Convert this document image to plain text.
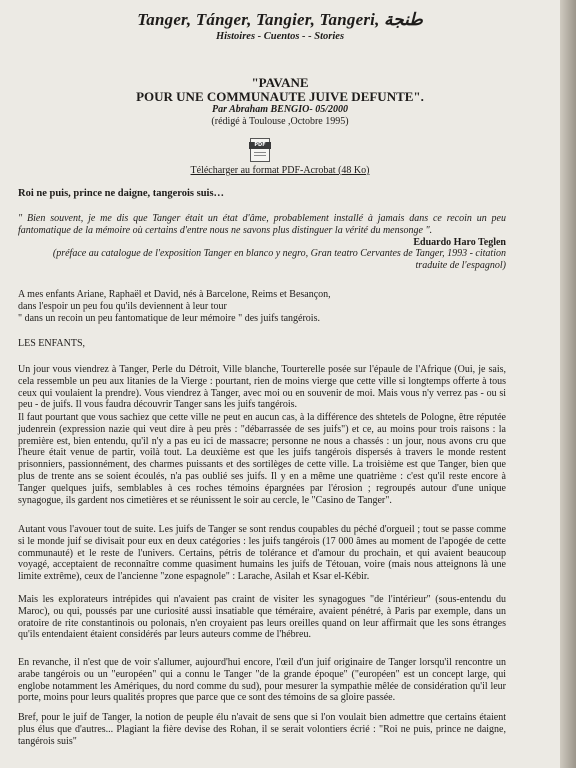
Tanger, Tánger, Tangier, Tangeri, طنجة
Histoires - Cuentos - - Stories
"PAVANE
POUR UNE COMMUNAUTE JUIVE DEFUNTE".
Par Abraham BENGIO- 05/2000
(rédigé à Toulouse ,Octobre 1995)
PDF
Télécharger au format PDF-Acrobat (48 Ko)
Roi ne puis, prince ne daigne, tangerois suis…
" Bien souvent, je me dis que Tanger était un état d'âme, probablement installé à jamais dans ce recoin un peu fantomatique de la mémoire où certains d'entre nous ne savons plus distinguer la vérité du mensonge ".
Eduardo Haro Teglen
(préface au catalogue de l'exposition Tanger en blanco y negro, Gran teatro Cervantes de Tanger, 1993 - citation
traduite de l'espagnol)
A mes enfants Ariane, Raphaël et David, nés à Barcelone, Reims et Besançon,
dans l'espoir un peu fou qu'ils deviennent à leur tour
" dans un recoin un peu fantomatique de leur mémoire " des juifs tangérois.
LES ENFANTS,
Un jour vous viendrez à Tanger, Perle du Détroit, Ville blanche, Tourterelle posée sur l'épaule de l'Afrique (Oui, je sais, cela ressemble un peu aux litanies de la Vierge : pourtant, rien de moins vierge que cette ville si longtemps offerte à tous ceux qui voulaient la prendre). Vous viendrez à Tanger, avec moi ou en souvenir de moi. Mais vous n'y verrez pas - ou si peu - de juifs. Il vous faudra découvrir Tanger sans les juifs tangérois.
Il faut pourtant que vous sachiez que cette ville ne peut en aucun cas, à la différence des shtetels de Pologne, être réputée judenrein (expression nazie qui veut dire à peu près : "débarrassée de ses juifs") et ce, au moins pour trois raisons : la première est, bien entendu, qu'il n'y a pas eu ici de massacre; personne ne nous a chassés : un jour, nous avons cru que l'heure était venue de partir, voilà tout. La deuxième est que les juifs tangérois dispersés à travers le monde restent prisonniers, passionnément, des charmes puissants et des sortilèges de cette ville. La troisième est que Tanger, bien que plus de trente ans se soient écoulés, n'a pas oublié ses juifs. Il y en a même une quatrième : c'est qu'il reste encore à Tanger quelques juifs, semblables à ces roches témoins épargnées par l'érosion ; regroupés autour d'une unique synagogue, ils gardent nos cimetières et se réunissent le soir au cercle, le "Casino de Tanger".
Autant vous l'avouer tout de suite. Les juifs de Tanger se sont rendus coupables du péché d'orgueil ; tout se passe comme si le monde juif se divisait pour eux en deux catégories : les juifs tangérois (17 000 âmes au moment de l'apogée de cette communauté) et le reste de l'univers. Certains, pétris de tolérance et d'amour du prochain, et qui avaient beaucoup voyagé, acceptaient de reconnaître comme quasiment humains les juifs de Tétouan, voire (mais nous atteignons là une limite extrême), ceux de l'ancienne "zone espagnole" : Larache, Asilah et Ksar el-Kébir.
Mais les explorateurs intrépides qui n'avaient pas craint de visiter les synagogues "de l'intérieur" (sous-entendu du Maroc), ou qui, poussés par une curiosité aussi insatiable que téméraire, avaient pénétré, à Paris par exemple, dans un oratoire de rite constantinois ou polonais, n'en croyaient pas leurs oreilles quand on leur affirmait que les sons étranges qu'ils entendaient étaient considérés par leurs auteurs comme de l'hébreu.
En revanche, il n'est que de voir s'allumer, aujourd'hui encore, l'œil d'un juif originaire de Tanger lorsqu'il rencontre un arabe tangérois ou un "européen" qui a connu le Tanger "de la grande époque" ("européen" est un concept large, qui englobe notamment les Amériques, du nord comme du sud), pour mesurer la sympathie mêlée de considération qu'il leur porte, moins pour leurs qualités propres que parce que ce sont des témoins de sa gloire passée.
Bref, pour le juif de Tanger, la notion de peuple élu n'avait de sens que si l'on voulait bien admettre que certains étaient plus élus que d'autres... Plagiant la fière devise des Rohan, il se serait volontiers écrié : "Roi ne puis, prince ne daigne, tangérois suis"
